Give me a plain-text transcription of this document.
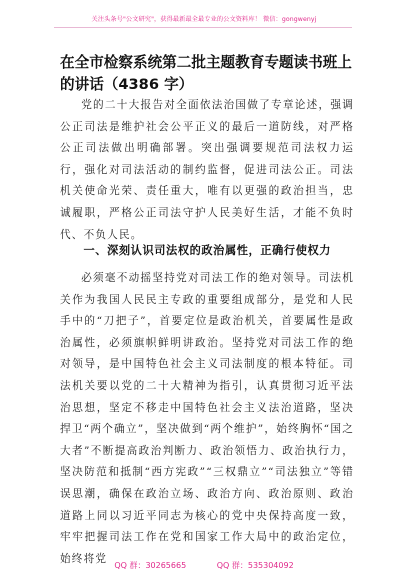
关注头条号"公文研究"，获得最新最全最专业的公文资料库！ 微信：gongwenyj
在全市检察系统第二批主题教育专题读书班上的讲话（4386 字）

党的二十大报告对全面依法治国做了专章论述，强调公正司法是维护社会公平正义的最后一道防线，对严格公正司法做出明确部署。突出强调要规范司法权力运行，强化对司法活动的制约监督，促进司法公正。司法机关使命光荣、责任重大，唯有以更强的政治担当，忠诚履职，严格公正司法守护人民美好生活，才能不负时代、不负人民。

一、深刻认识司法权的政治属性，正确行使权力

必须毫不动摇坚持党对司法工作的绝对领导。司法机关作为我国人民民主专政的重要组成部分，是党和人民手中的“刀把子”，首要定位是政治机关，首要属性是政治属性，必须旗帜鲜明讲政治。坚持党对司法工作的绝对领导，是中国特色社会主义司法制度的根本特征。司法机关要以党的二十大精神为指引，认真贯彻习近平法治思想，坚定不移走中国特色社会主义法治道路，坚决捍卫“两个确立”，坚决做到“两个维护”，始终胸怀“国之大者”不断提高政治判断力、政治领悟力、政治执行力，坚决防范和抵制“西方宪政”“三权鼎立”“司法独立”等错误思潮，确保在政治立场、政治方向、政治原则、政治道路上同以习近平同志为核心的党中央保持高度一致，牢牢把握司法工作在党和国家工作大局中的政治定位，始终将党

QQ 群：30265665	QQ 群：535304092
